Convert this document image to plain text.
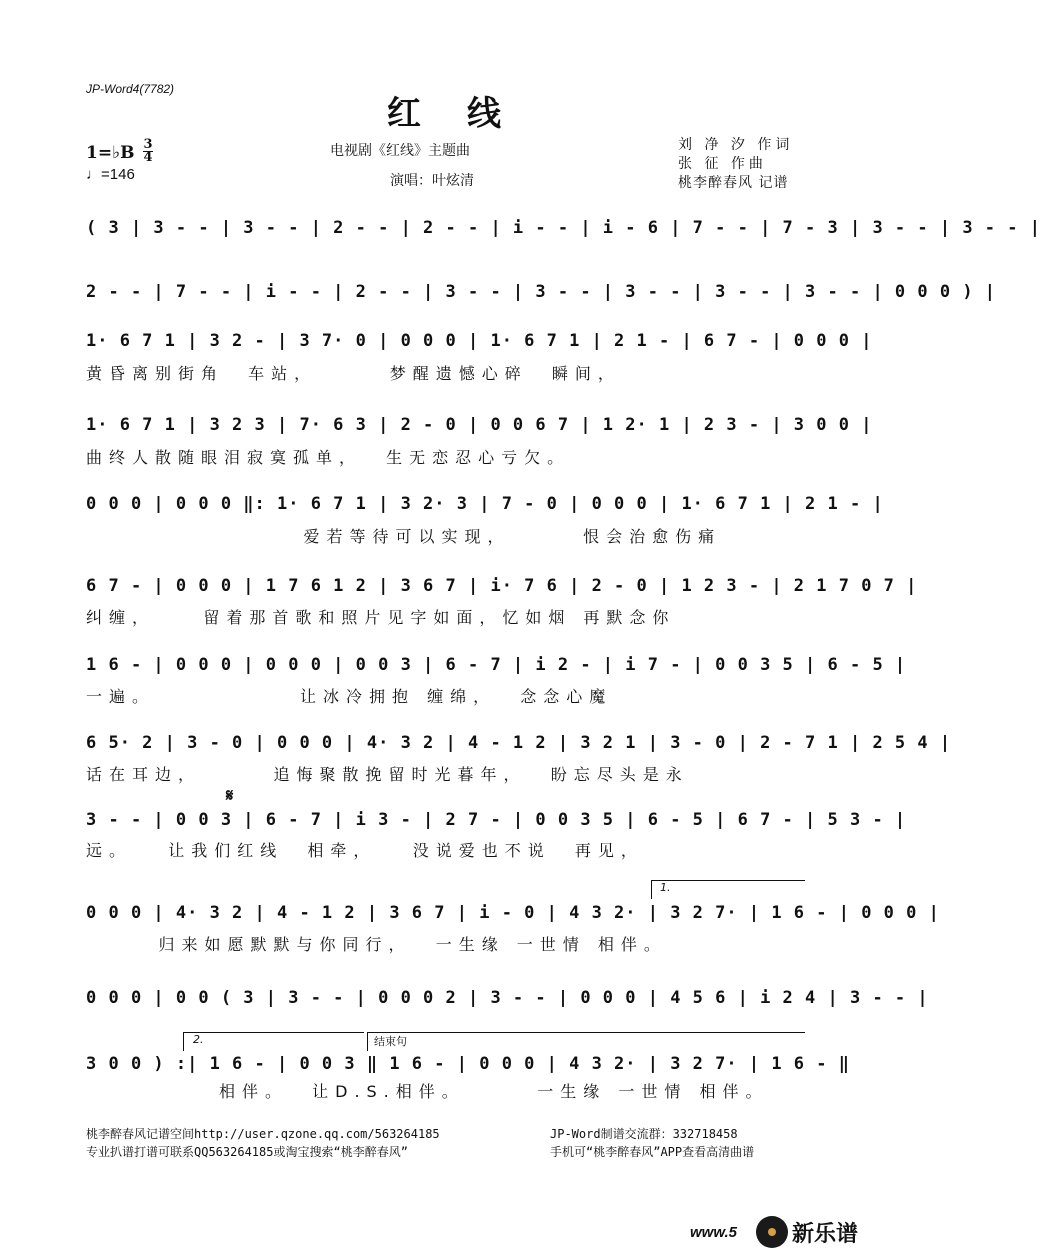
JP-Word4(7782)
红线
电视剧《红线》主题曲
演唱：叶炫清
刘 净 汐 作词
张 征 作曲
桃李醉春风 记谱
1=♭B 3
4
♩=146
( 3 | 3 - - | 3 - - | 2 - - | 2 - - | i - - | i - 6 | 7 - - | 7 - 3 | 3 - - | 3 - - |
2 - - | 7 - - | i - - | 2 - - | 3 - - | 3 - - | 3 - - | 3 - - | 3 - - | 0 0 0 ) |
1· 6 7 1 | 3 2 - | 3 7· 0 | 0 0 0 | 1· 6 7 1 | 2 1 - | 6 7 - | 0 0 0 |
黄昏离别街角  车站，      梦醒遗憾心碎  瞬间，
1· 6 7 1 | 3 2 3 | 7· 6 3 | 2 - 0 | 0 0 6 7 | 1 2· 1 | 2 3 - | 3 0 0 |
曲终人散随眼泪寂寞孤单，  生无恋忍心亏欠。
0 0 0 | 0 0 0 ‖: 1· 6 7 1 | 3 2· 3 | 7 - 0 | 0 0 0 | 1· 6 7 1 | 2 1 - |
爱若等待可以实现，      恨会治愈伤痛
6 7 - | 0 0 0 | 1 7 6 1 2 | 3 6 7 | i· 7 6 | 2 - 0 | 1 2 3 - | 2 1 7 0 7 |
纠缠，    留着那首歌和照片见字如面，忆如烟 再默念你
1 6 - | 0 0 0 | 0 0 0 | 0 0 3 | 6 - 7 | i 2 - | i 7 - | 0 0 3 5 | 6 - 5 |
一遍。            让冰冷拥抱 缠绵，  念念心魔
6 5· 2 | 3 - 0 | 0 0 0 | 4· 3 2 | 4 - 1 2 | 3 2 1 | 3 - 0 | 2 - 7 1 | 2 5 4 |
话在耳边，      追悔聚散挽留时光暮年，  盼忘尽头是永
𝄋
3 - - | 0 0 3 | 6 - 7 | i 3 - | 2 7 - | 0 0 3 5 | 6 - 5 | 6 7 - | 5 3 - |
远。   让我们红线  相牵，   没说爱也不说  再见，
1.
0 0 0 | 4· 3 2 | 4 - 1 2 | 3 6 7 | i - 0 | 4 3 2· | 3 2 7· | 1 6 - | 0 0 0 |
归来如愿默默与你同行，  一生缘 一世情 相伴。
0 0 0 | 0 0 ( 3 | 3 - - | 0 0 0 2 | 3 - - | 0 0 0 | 4 5 6 | i 2 4 | 3 - - |
2.	结束句
3 0 0 ) :| 1 6 - | 0 0 3 ‖ 1 6 - | 0 0 0 | 4 3 2· | 3 2 7· | 1 6 - ‖
相伴。  让D.S.相伴。      一生缘 一世情 相伴。
桃李醉春风记谱空间http://user.qzone.qq.com/563264185
专业扒谱打谱可联系QQ563264185或淘宝搜索“桃李醉春风”
JP-Word制谱交流群：332718458
手机可“桃李醉春风”APP查看高清曲谱
www.5	新乐谱
